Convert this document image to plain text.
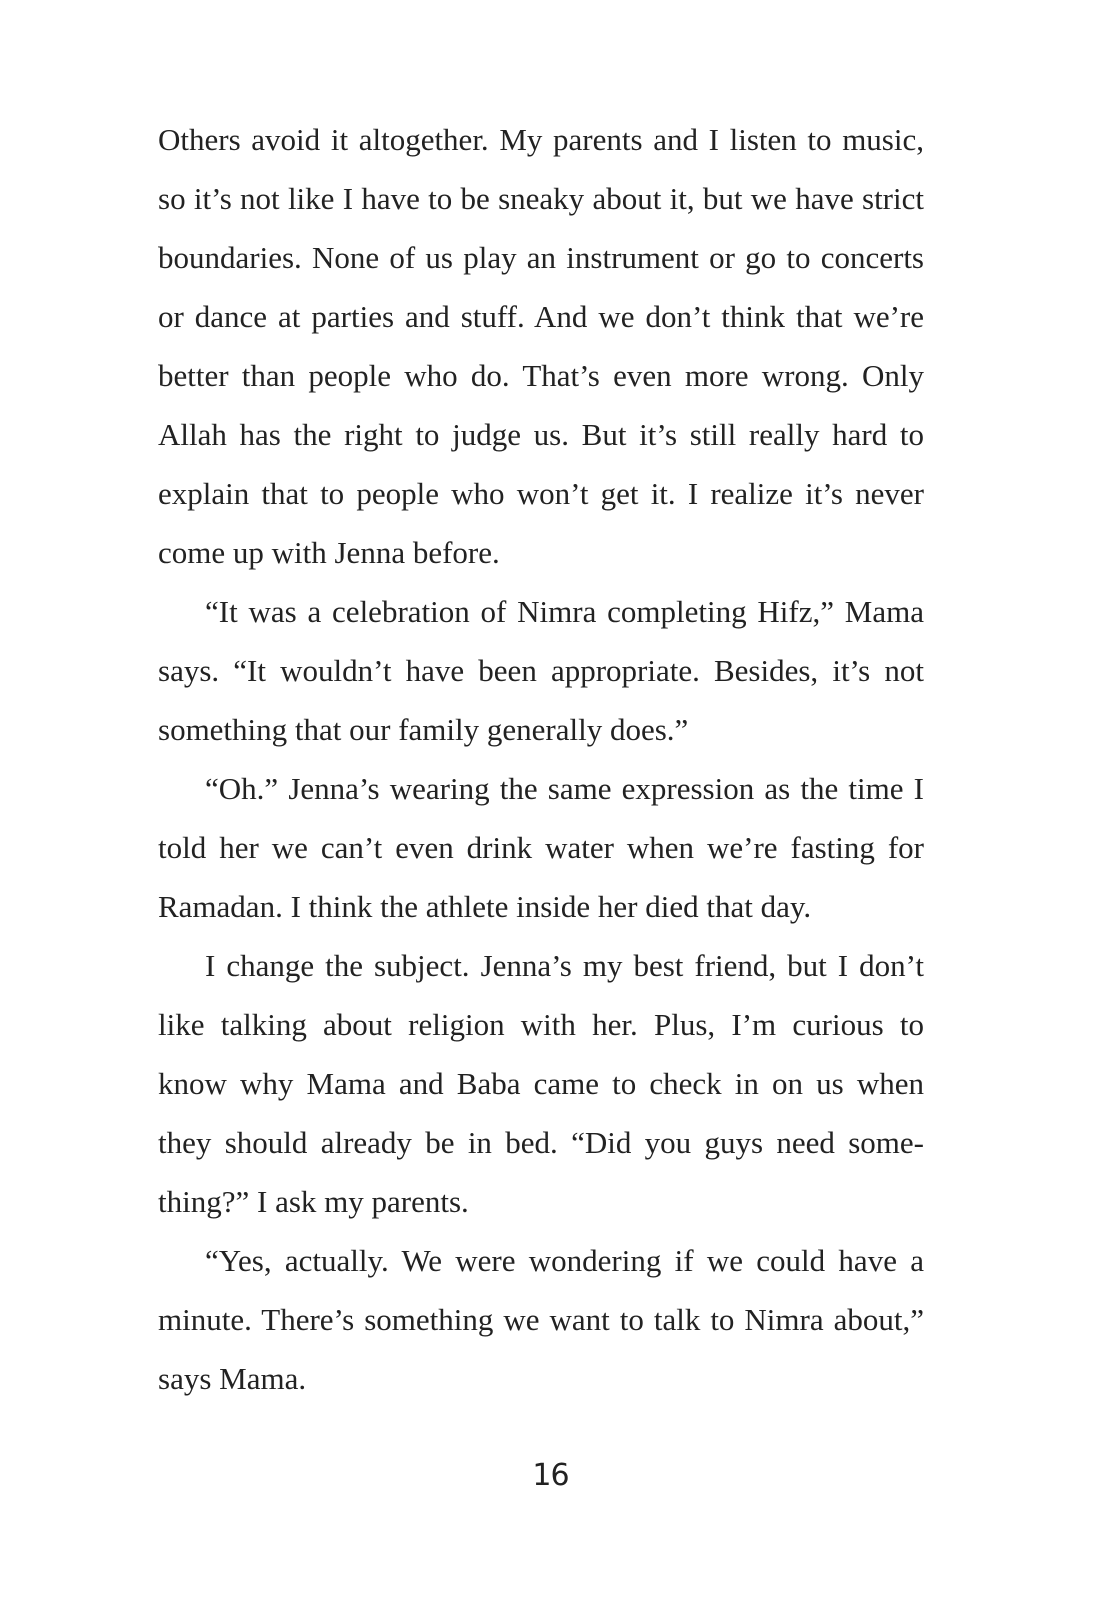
Others avoid it altogether. My parents and I listen to music, so it’s not like I have to be sneaky about it, but we have strict boundaries. None of us play an instrument or go to concerts or dance at parties and stuff. And we don’t think that we’re better than people who do. That’s even more wrong. Only Allah has the right to judge us. But it’s still really hard to explain that to people who won’t get it. I realize it’s never come up with Jenna before.

“It was a celebration of Nimra completing Hifz,” Mama says. “It wouldn’t have been appropriate. Besides, it’s not something that our family generally does.”

“Oh.” Jenna’s wearing the same expression as the time I told her we can’t even drink water when we’re fasting for Ramadan. I think the athlete inside her died that day.

I change the subject. Jenna’s my best friend, but I don’t like talking about religion with her. Plus, I’m curious to know why Mama and Baba came to check in on us when they should already be in bed. “Did you guys need some-thing?” I ask my parents.

“Yes, actually. We were wondering if we could have a minute. There’s something we want to talk to Nimra about,” says Mama.

16
